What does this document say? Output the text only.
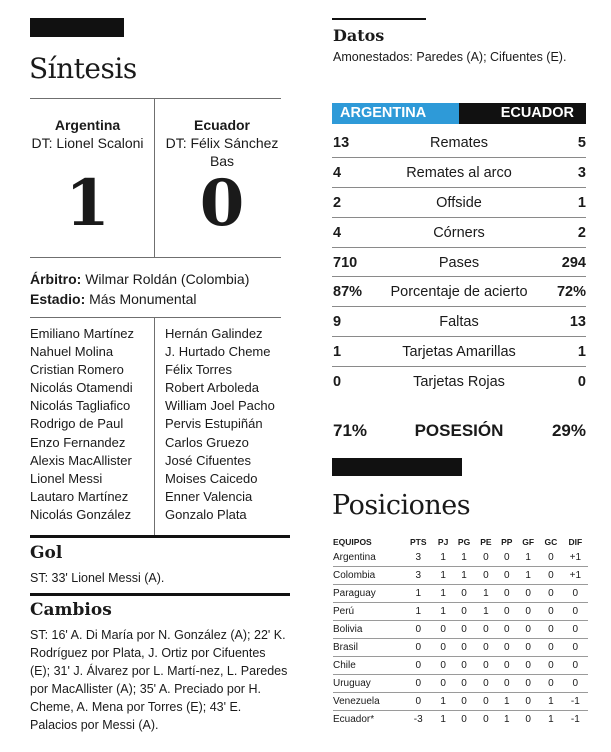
Síntesis
Argentina
DT: Lionel Scaloni
Ecuador
DT: Félix Sánchez Bas
1	0
Árbitro: Wilmar Roldán (Colombia)
Estadio: Más Monumental
Emiliano Martínez
Nahuel Molina
Cristian Romero
Nicolás Otamendi
Nicolás Tagliafico
Rodrigo de Paul
Enzo Fernandez
Alexis MacAllister
Lionel Messi
Lautaro Martínez
Nicolás González
Hernán Galindez
J. Hurtado Cheme
Félix Torres
Robert Arboleda
William Joel Pacho
Pervis Estupiñán
Carlos Gruezo
José Cifuentes
Moises Caicedo
Enner Valencia
Gonzalo Plata
Gol
ST: 33' Lionel Messi (A).
Cambios
ST: 16' A. Di María por N. González (A); 22' K. Rodríguez por Plata, J. Ortiz por Cifuentes (E); 31' J. Álvarez por L. Martí-nez, L. Paredes por MacAllister (A); 35' A. Preciado por H. Cheme, A. Mena por Torres (E); 43' E. Palacios por Messi (A).
Datos
Amonestados: Paredes (A); Cifuentes (E).
ARGENTINA	ECUADOR
13	Remates	5
4	Remates al arco	3
2	Offside	1
4	Córners	2
710	Pases	294
87%	Porcentaje de acierto	72%
9	Faltas	13
1	Tarjetas Amarillas	1
0	Tarjetas Rojas	0
71%	POSESIÓN	29%
Posiciones
EQUIPOS	PTS	PJ	PG	PE	PP	GF	GC	DIF
Argentina	3	1	1	0	0	1	0	+1
Colombia	3	1	1	0	0	1	0	+1
Paraguay	1	1	0	1	0	0	0	0
Perú	1	1	0	1	0	0	0	0
Bolivia	0	0	0	0	0	0	0	0
Brasil	0	0	0	0	0	0	0	0
Chile	0	0	0	0	0	0	0	0
Uruguay	0	0	0	0	0	0	0	0
Venezuela	0	1	0	0	1	0	1	-1
Ecuador*	-3	1	0	0	1	0	1	-1
